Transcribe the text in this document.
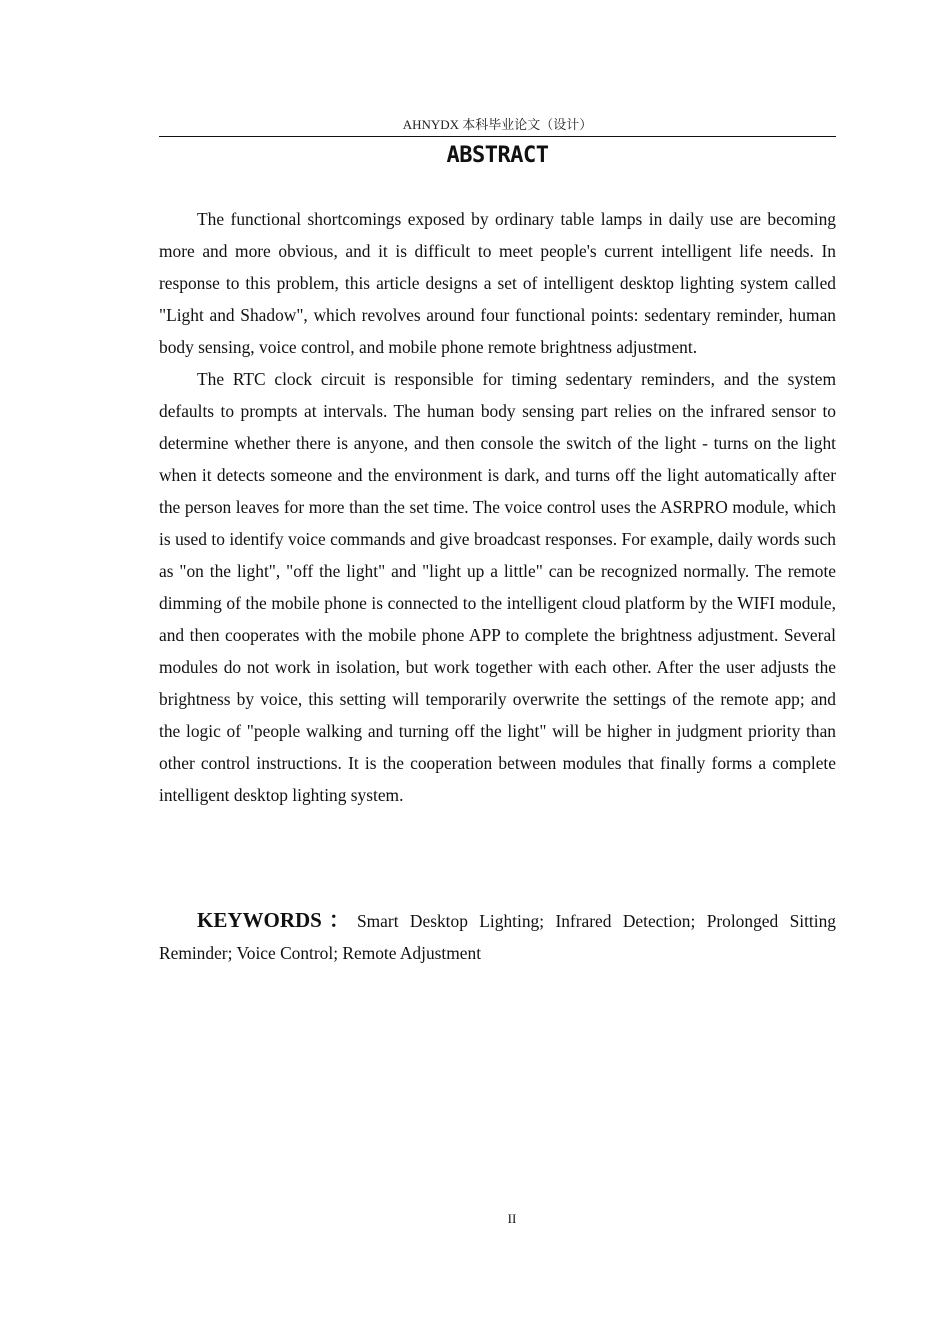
AHNYDX 本科毕业论文（设计）
ABSTRACT

The functional shortcomings exposed by ordinary table lamps in daily use are becoming more and more obvious, and it is difficult to meet people's current intelligent life needs. In response to this problem, this article designs a set of intelligent desktop lighting system called "Light and Shadow", which revolves around four functional points: sedentary reminder, human body sensing, voice control, and mobile phone remote brightness adjustment.

The RTC clock circuit is responsible for timing sedentary reminders, and the system defaults to prompts at intervals. The human body sensing part relies on the infrared sensor to determine whether there is anyone, and then console the switch of the light - turns on the light when it detects someone and the environment is dark, and turns off the light automatically after the person leaves for more than the set time. The voice control uses the ASRPRO module, which is used to identify voice commands and give broadcast responses. For example, daily words such as "on the light", "off the light" and "light up a little" can be recognized normally. The remote dimming of the mobile phone is connected to the intelligent cloud platform by the WIFI module, and then cooperates with the mobile phone APP to complete the brightness adjustment. Several modules do not work in isolation, but work together with each other. After the user adjusts the brightness by voice, this setting will temporarily overwrite the settings of the remote app; and the logic of "people walking and turning off the light" will be higher in judgment priority than other control instructions. It is the cooperation between modules that finally forms a complete intelligent desktop lighting system.

KEYWORDS：Smart Desktop Lighting; Infrared Detection; Prolonged Sitting Reminder; Voice Control; Remote Adjustment
II
